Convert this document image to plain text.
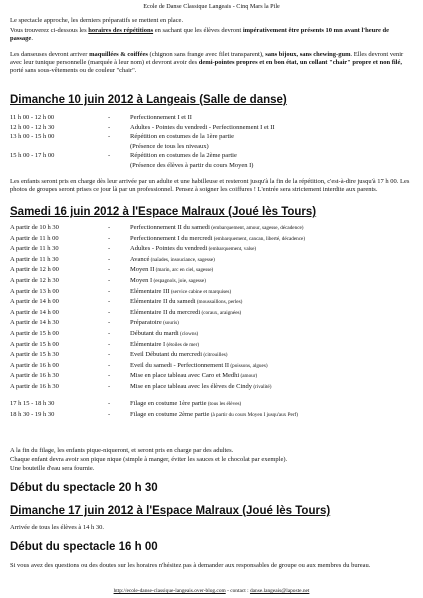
Ecole de Danse Classique Langeais - Cinq Mars la Pile
Le spectacle approche, les derniers préparatifs se mettent en place.
Vous trouverez ci-dessous les horaires des répétitions en sachant que les élèves devront impérativement être présents 10 mn avant l'heure de passage.
Les danseuses devront arriver maquillées & coiffées (chignon sans frange avec filet transparent), sans bijoux, sans chewing-gum. Elles devront venir avec leur tunique personnelle (marquée à leur nom) et devront avoir des demi-pointes propres et en bon état, un collant "chair" propre et non filé, porté sans sous-vêtements ou de couleur "chair".
Dimanche 10 juin 2012 à Langeais (Salle de danse)
11 h 00 - 12 h 00	-	Perfectionnement I et II
12 h 00 - 12 h 30	-	Adultes - Pointes du vendredi - Perfectionnement I et II
13 h 00 - 15 h 00	-	Répétition en costumes de la 1ère partie
(Présence de tous les niveaux)
15 h 00 - 17 h 00	-	Répétition en costumes de la 2ème partie
(Présence des élèves à partir du cours Moyen I)
Les enfants seront pris en charge dès leur arrivée par un adulte et une habilleuse et resteront jusqu'à la fin de la répétition, c'est-à-dire jusqu'à 17 h 00. Les photos de groupes seront prises ce jour là par un professionnel. Pensez à soigner les coiffures ! L'entrée sera strictement interdite aux parents.
Samedi 16 juin 2012 à l'Espace Malraux (Joué lès Tours)
A partir de 10 h 30	-	Perfectionnement II du samedi (embarquement, amour, sagesse, décadence)
A partir de 11 h 00	-	Perfectionnement I du mercredi (embarquement, cancan, liberté, décadence)
A partir de 11 h 30	-	Adultes - Pointes du vendredi (embarquement, valse)
A partir de 11 h 30	-	Avancé (naïades, insouciance, sagesse)
A partir de 12 h 00	-	Moyen II (marin, arc en ciel, sagesse)
A partir de 12 h 30	-	Moyen I (espagnols, joie, sagesse)
A partir de 13 h 00	-	Elémentaire III (service cabine et marquises)
A partir de 14 h 00	-	Elémentaire II du samedi (moussaillons, perles)
A partir de 14 h 00	-	Elémentaire II du mercredi (coraux, araignées)
A partir de 14 h 30	-	Préparatoire (souris)
A partir de 15 h 00	-	Débutant du mardi (clowns)
A partir de 15 h 00	-	Elémentaire I (étoiles de mer)
A partir de 15 h 30	-	Eveil Débutant du mercredi (citrouilles)
A partir de 16 h 00	-	Eveil du samedi - Perfectionnement II (poissons, algues)
A partir de 16 h 30	-	Mise en place tableau avec Caro et Medhi (amour)
A partir de 16 h 30	-	Mise en place tableau avec les élèves de Cindy (rivalité)
17 h 15 - 18 h 30	-	Filage en costume 1ère partie (tous les élèves)
18 h 30 - 19 h 30	-	Filage en costume 2ème partie (à partir du cours Moyen I jusqu'aux Perf)
A la fin du filage, les enfants pique-niqueront, et seront pris en charge par des adultes.
Chaque enfant devra avoir son pique nique (simple à manger, éviter les sauces et le chocolat par exemple).
Une bouteille d'eau sera fournie.
Début du spectacle 20 h 30
Dimanche 17 juin 2012 à l'Espace Malraux (Joué lès Tours)
Arrivée de tous les élèves à 14 h 30.
Début du spectacle 16 h 00
Si vous avez des questions ou des doutes sur les horaires n'hésitez pas à demander aux responsables de groupe ou aux membres du bureau.
http://ecole-danse-classique-langeais.over-blog.com - contact : danse.langeais@laposte.net
